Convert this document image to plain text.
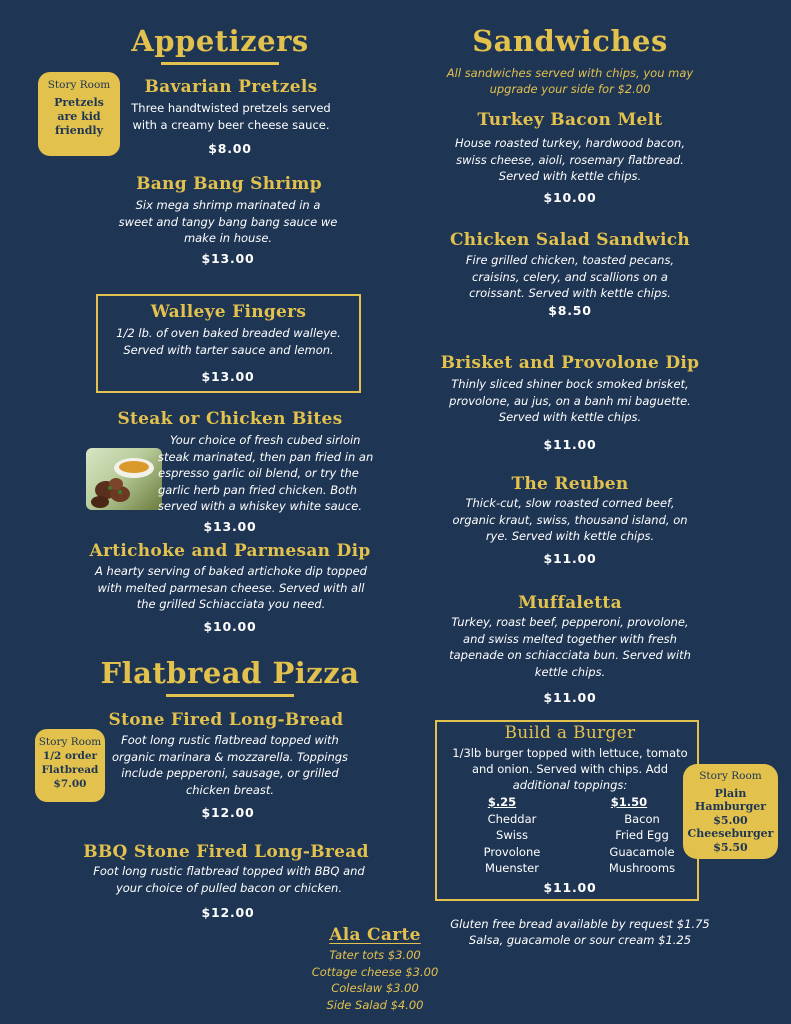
Appetizers
Story Room
Pretzels
are kid
friendly
Bavarian Pretzels
Three handtwisted pretzels served
with a creamy beer cheese sauce.
$8.00
Bang Bang Shrimp
Six mega shrimp marinated in a
sweet and tangy bang bang sauce we
make in house.
$13.00
Walleye Fingers
1/2 lb. of oven baked breaded walleye.
Served with tarter sauce and lemon.
$13.00
Steak or Chicken Bites
Your choice of fresh cubed sirloin
steak marinated, then pan fried in an
espresso garlic oil blend, or try the
garlic herb pan fried chicken. Both
served with a whiskey white sauce.
$13.00
Artichoke and Parmesan Dip
A hearty serving of baked artichoke dip topped
with melted parmesan cheese. Served with all
the grilled Schiacciata you need.
$10.00
Flatbread Pizza
Story Room
1/2 order
Flatbread
$7.00
Stone Fired Long-Bread
Foot long rustic flatbread topped with
organic marinara & mozzarella. Toppings
include pepperoni, sausage, or grilled
chicken breast.
$12.00
BBQ Stone Fired Long-Bread
Foot long rustic flatbread topped with BBQ and
your choice of pulled bacon or chicken.
$12.00
Ala Carte
Tater tots $3.00
Cottage cheese $3.00
Coleslaw $3.00
Side Salad $4.00
Sandwiches
All sandwiches served with chips, you may
upgrade your side for $2.00
Turkey Bacon Melt
House roasted turkey, hardwood bacon,
swiss cheese, aioli, rosemary flatbread.
Served with kettle chips.
$10.00
Chicken Salad Sandwich
Fire grilled chicken, toasted pecans,
craisins, celery, and scallions on a
croissant. Served with kettle chips.
$8.50
Brisket and Provolone Dip
Thinly sliced shiner bock smoked brisket,
provolone, au jus, on a banh mi baguette.
Served with kettle chips.
$11.00
The Reuben
Thick-cut, slow roasted corned beef,
organic kraut, swiss, thousand island, on
rye. Served with kettle chips.
$11.00
Muffaletta
Turkey, roast beef, pepperoni, provolone,
and swiss melted together with fresh
tapenade on schiacciata bun. Served with
kettle chips.
$11.00
Build a Burger
1/3lb burger topped with lettuce, tomato
and onion. Served with chips. Add
additional toppings:
$.25
Cheddar
Swiss
Provolone
Muenster
$1.50
Bacon
Fried Egg
Guacamole
Mushrooms
$11.00
Story Room
Plain
Hamburger
$5.00
Cheeseburger
$5.50
Gluten free bread available by request $1.75
Salsa, guacamole or sour cream $1.25
